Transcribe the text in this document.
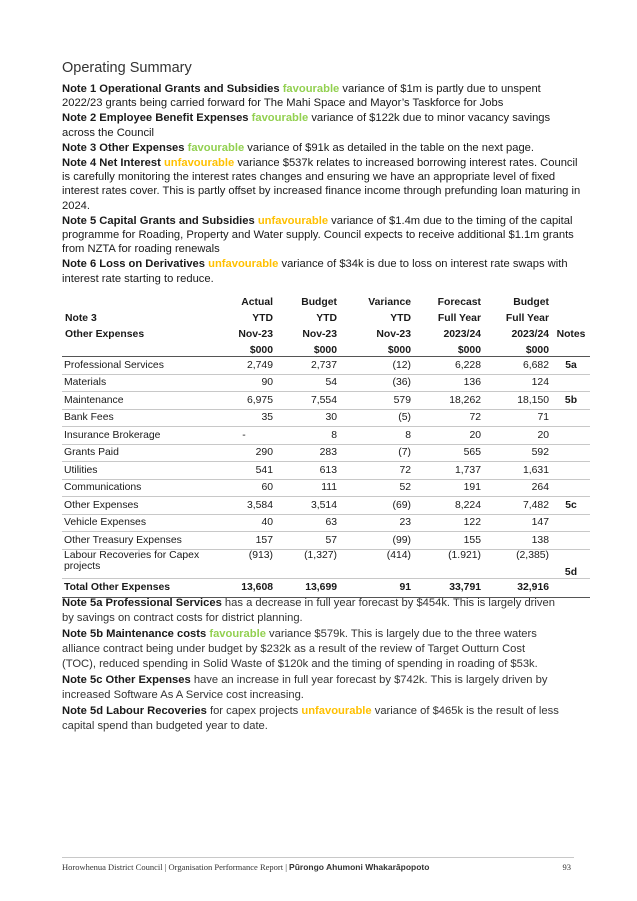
Operating Summary
Note 1 Operational Grants and Subsidies favourable variance of $1m is partly due to unspent 2022/23 grants being carried forward for The Mahi Space and Mayor’s Taskforce for Jobs
Note 2 Employee Benefit Expenses favourable variance of $122k due to minor vacancy savings across the Council
Note 3 Other Expenses favourable variance of $91k as detailed in the table on the next page.
Note 4 Net Interest unfavourable variance $537k relates to increased borrowing interest rates. Council is carefully monitoring the interest rates changes and ensuring we have an appropriate level of fixed interest rates cover. This is partly offset by increased finance income through prefunding loan maturing in 2024.
Note 5 Capital Grants and Subsidies unfavourable variance of $1.4m due to the timing of the capital programme for Roading, Property and Water supply. Council expects to receive additional $1.1m grants from NZTA for roading renewals
Note 6 Loss on Derivatives unfavourable variance of $34k is due to loss on interest rate swaps with interest rate starting to reduce.
	Actual	Budget	Variance	Forecast	Budget	
Note 3	YTD	YTD	YTD	Full Year	Full Year	
Other Expenses	Nov-23	Nov-23	Nov-23	2023/24	2023/24	Notes
	$000	$000	$000	$000	$000	
Professional Services	2,749	2,737	(12)	6,228	6,682	5a
Materials	90	54	(36)	136	124	
Maintenance	6,975	7,554	579	18,262	18,150	5b
Bank Fees	35	30	(5)	72	71	
Insurance Brokerage	-	8	8	20	20	
Grants Paid	290	283	(7)	565	592	
Utilities	541	613	72	1,737	1,631	
Communications	60	111	52	191	264	
Other Expenses	3,584	3,514	(69)	8,224	7,482	5c
Vehicle Expenses	40	63	23	122	147	
Other Treasury Expenses	157	57	(99)	155	138	
Labour Recoveries for Capex projects	(913)	(1,327)	(414)	(1.921)	(2,385)	5d
Total Other Expenses	13,608	13,699	91	33,791	32,916	
Note 5a Professional Services has a decrease in full year forecast by $454k. This is largely driven by savings on contract costs for district planning.
Note 5b Maintenance costs favourable variance $579k. This is largely due to the three waters alliance contract being under budget by $232k as a result of the review of Target Outturn Cost (TOC), reduced spending in Solid Waste of $120k and the timing of spending in roading of $53k.
Note 5c Other Expenses have an increase in full year forecast by $742k. This is largely driven by increased Software As A Service cost increasing.
Note 5d Labour Recoveries for capex projects unfavourable variance of $465k is the result of less capital spend than budgeted year to date.
Horowhenua District Council | Organisation Performance Report | Pūrongo Ahumoni Whakarāpopoto	93
